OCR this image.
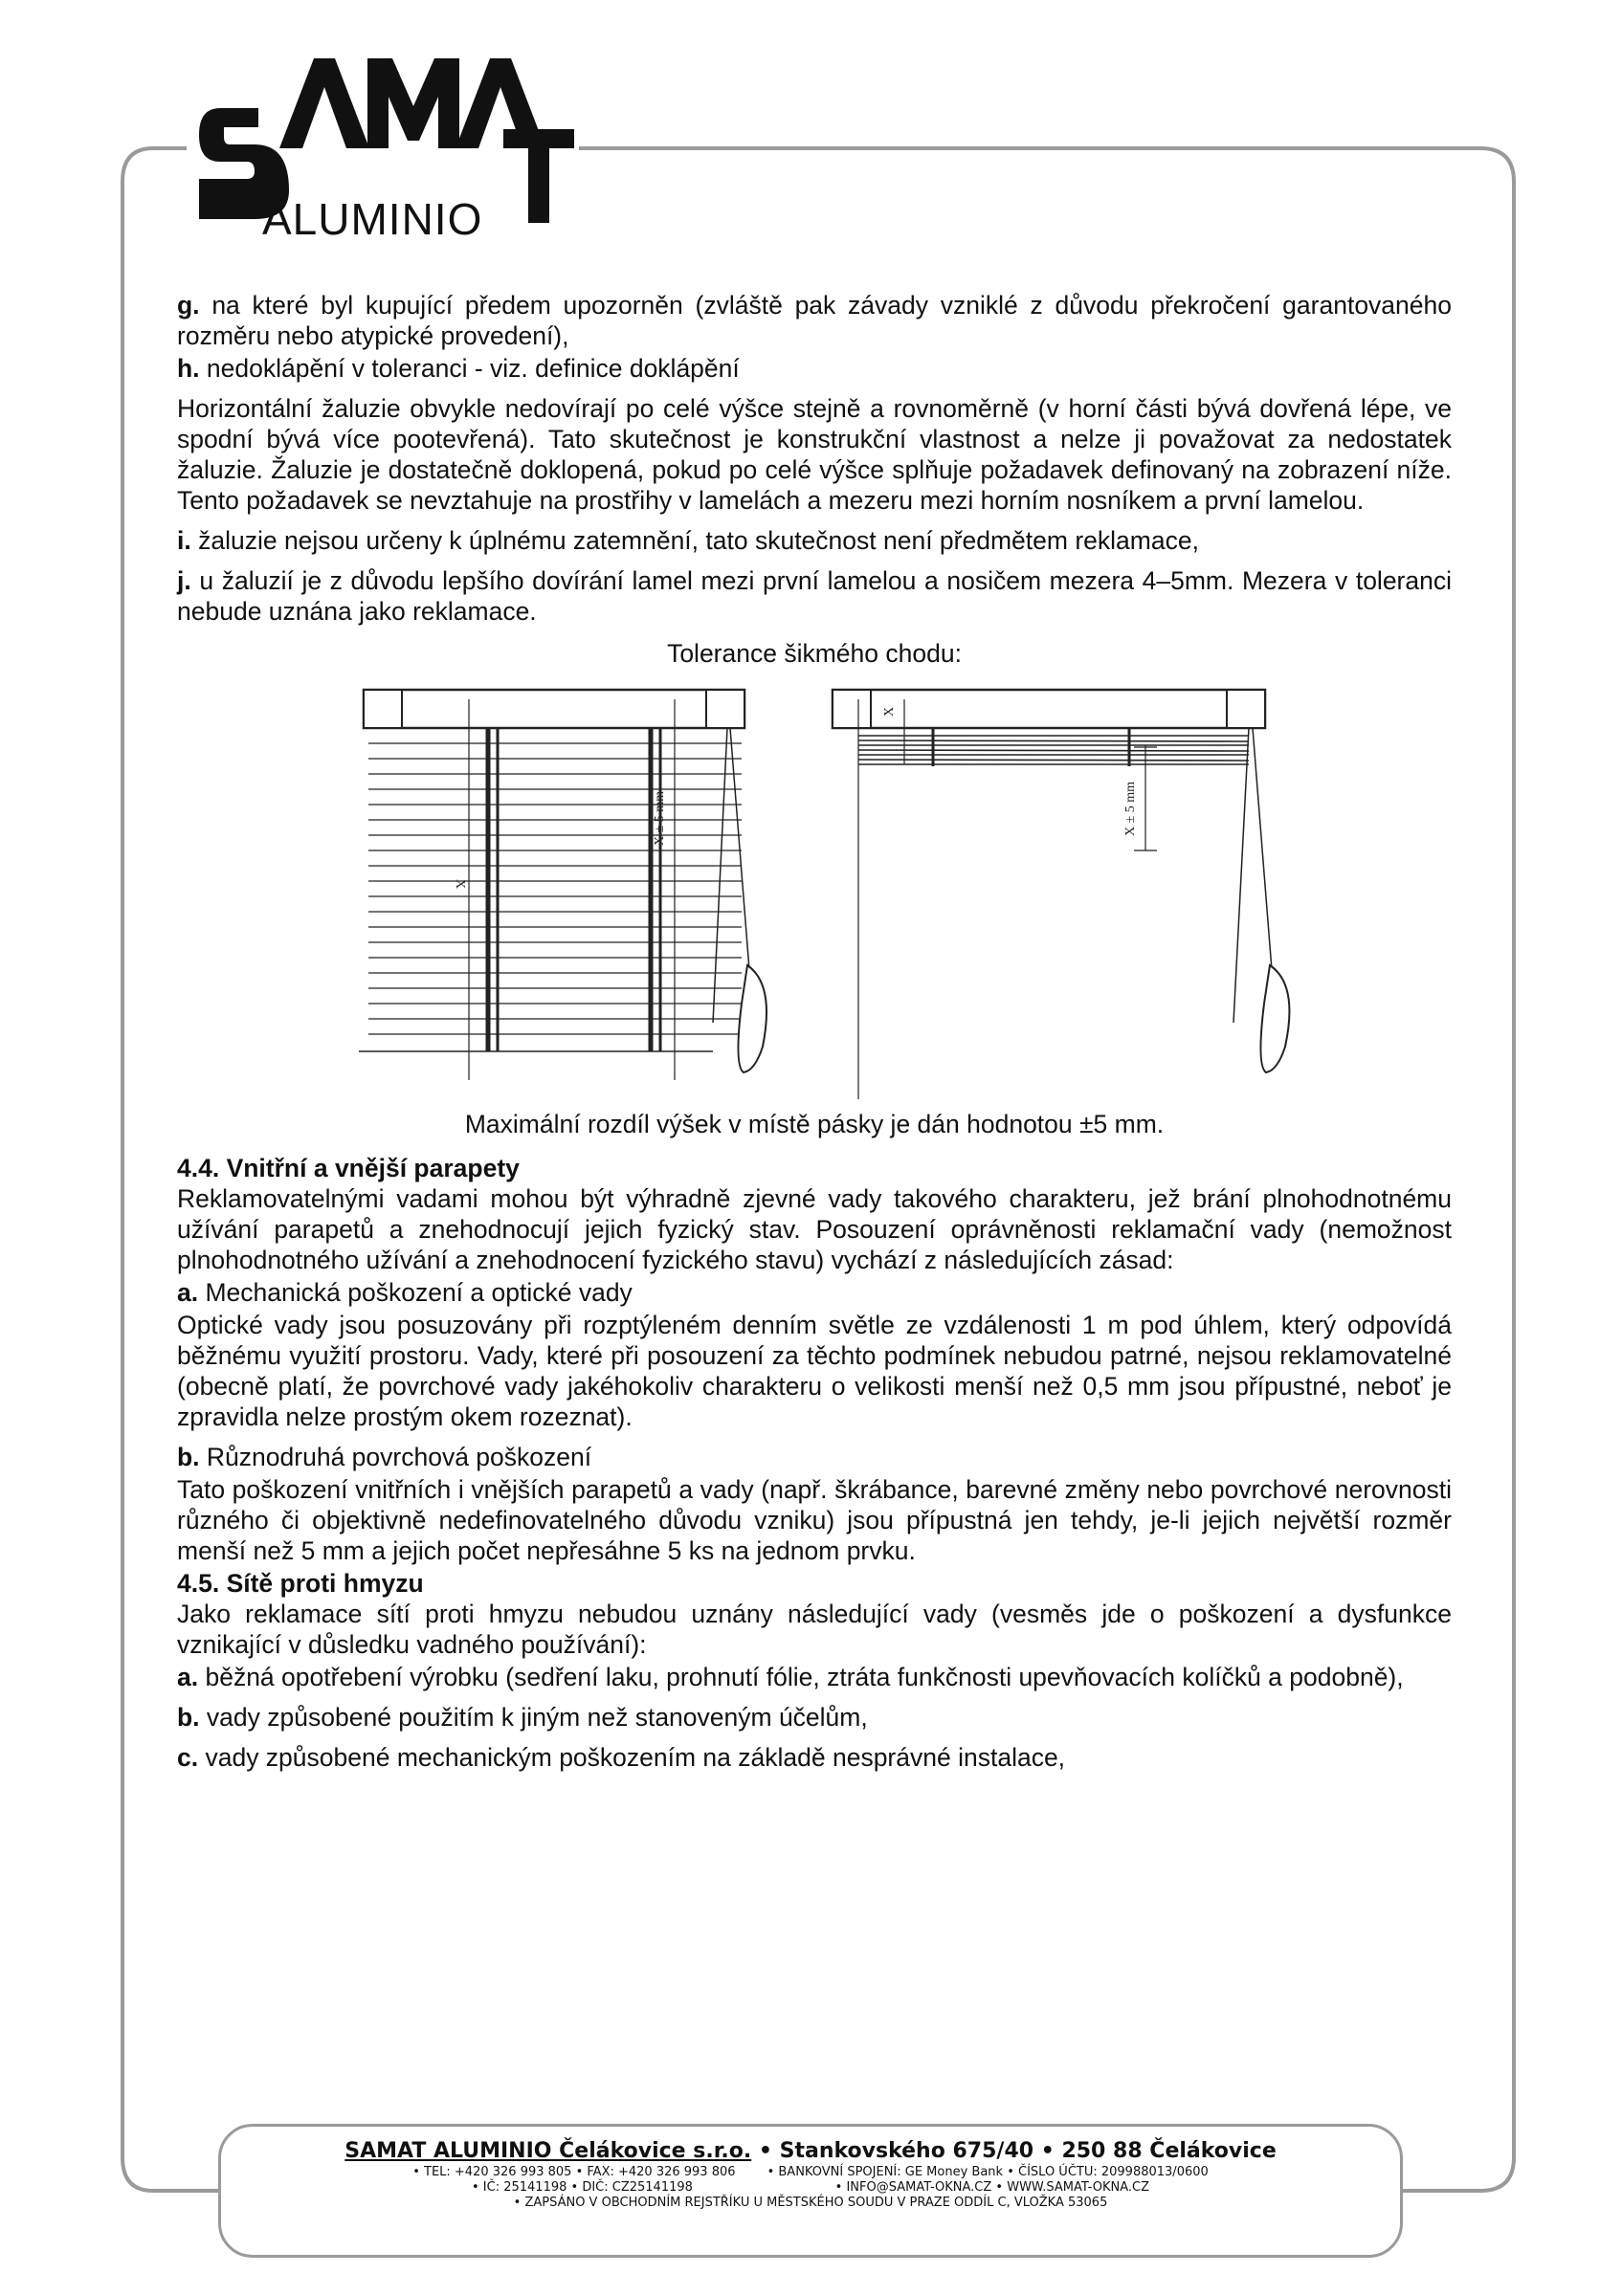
ALUMINIO

g. na které byl kupující předem upozorněn (zvláště pak závady vzniklé z důvodu překročení garantovaného rozměru nebo atypické provedení),

h. nedoklápění v toleranci - viz. definice doklápění

Horizontální žaluzie obvykle nedovírají po celé výšce stejně a rovnoměrně (v horní části bývá dovřená lépe, ve spodní bývá více pootevřená). Tato skutečnost je konstrukční vlastnost a nelze ji považovat za nedostatek žaluzie. Žaluzie je dostatečně doklopená, pokud po celé výšce splňuje požadavek definovaný na zobrazení níže. Tento požadavek se nevztahuje na prostřihy v lamelách a mezeru mezi horním nosníkem a první lamelou.

i. žaluzie nejsou určeny k úplnému zatemnění, tato skutečnost není předmětem reklamace,

j. u žaluzií je z důvodu lepšího dovírání lamel mezi první lamelou a nosičem mezera 4–5mm. Mezera v toleranci nebude uznána jako reklamace.

Tolerance šikmého chodu:

X
X ± 5 mm
X
X ± 5 mm

Maximální rozdíl výšek v místě pásky je dán hodnotou ±5 mm.

4.4. Vnitřní a vnější parapety

Reklamovatelnými vadami mohou být výhradně zjevné vady takového charakteru, jež brání plnohodnotnému užívání parapetů a znehodnocují jejich fyzický stav. Posouzení oprávněnosti reklamační vady (nemožnost plnohodnotného užívání a znehodnocení fyzického stavu) vychází z následujících zásad:

a. Mechanická poškození a optické vady

Optické vady jsou posuzovány při rozptýleném denním světle ze vzdálenosti 1 m pod úhlem, který odpovídá běžnému využití prostoru. Vady, které při posouzení za těchto podmínek nebudou patrné, nejsou reklamovatelné (obecně platí, že povrchové vady jakéhokoliv charakteru o velikosti menší než 0,5 mm jsou přípustné, neboť je zpravidla nelze prostým okem rozeznat).

b. Různodruhá povrchová poškození

Tato poškození vnitřních i vnějších parapetů a vady (např. škrábance, barevné změny nebo povrchové nerovnosti různého či objektivně nedefinovatelného důvodu vzniku) jsou přípustná jen tehdy, je-li jejich největší rozměr menší než 5 mm a jejich počet nepřesáhne 5 ks na jednom prvku.

4.5. Sítě proti hmyzu

Jako reklamace sítí proti hmyzu nebudou uznány následující vady (vesměs jde o poškození a dysfunkce vznikající v důsledku vadného používání):

a. běžná opotřebení výrobku (sedření laku, prohnutí fólie, ztráta funkčnosti upevňovacích kolíčků a podobně),

b. vady způsobené použitím k jiným než stanoveným účelům,

c. vady způsobené mechanickým poškozením na základě nesprávné instalace,

SAMAT ALUMINIO Čelákovice s.r.o. • Stankovského 675/40 • 250 88 Čelákovice
• TEL: +420 326 993 805 • FAX: +420 326 993 806        • BANKOVNÍ SPOJENÍ: GE Money Bank • ČÍSLO ÚČTU: 209988013/0600
• IČ: 25141198 • DIČ: CZ25141198                                    • INFO@SAMAT-OKNA.CZ • WWW.SAMAT-OKNA.CZ
• ZAPSÁNO V OBCHODNÍM REJSTŘÍKU U MĚSTSKÉHO SOUDU V PRAZE ODDÍL C, VLOŽKA 53065
